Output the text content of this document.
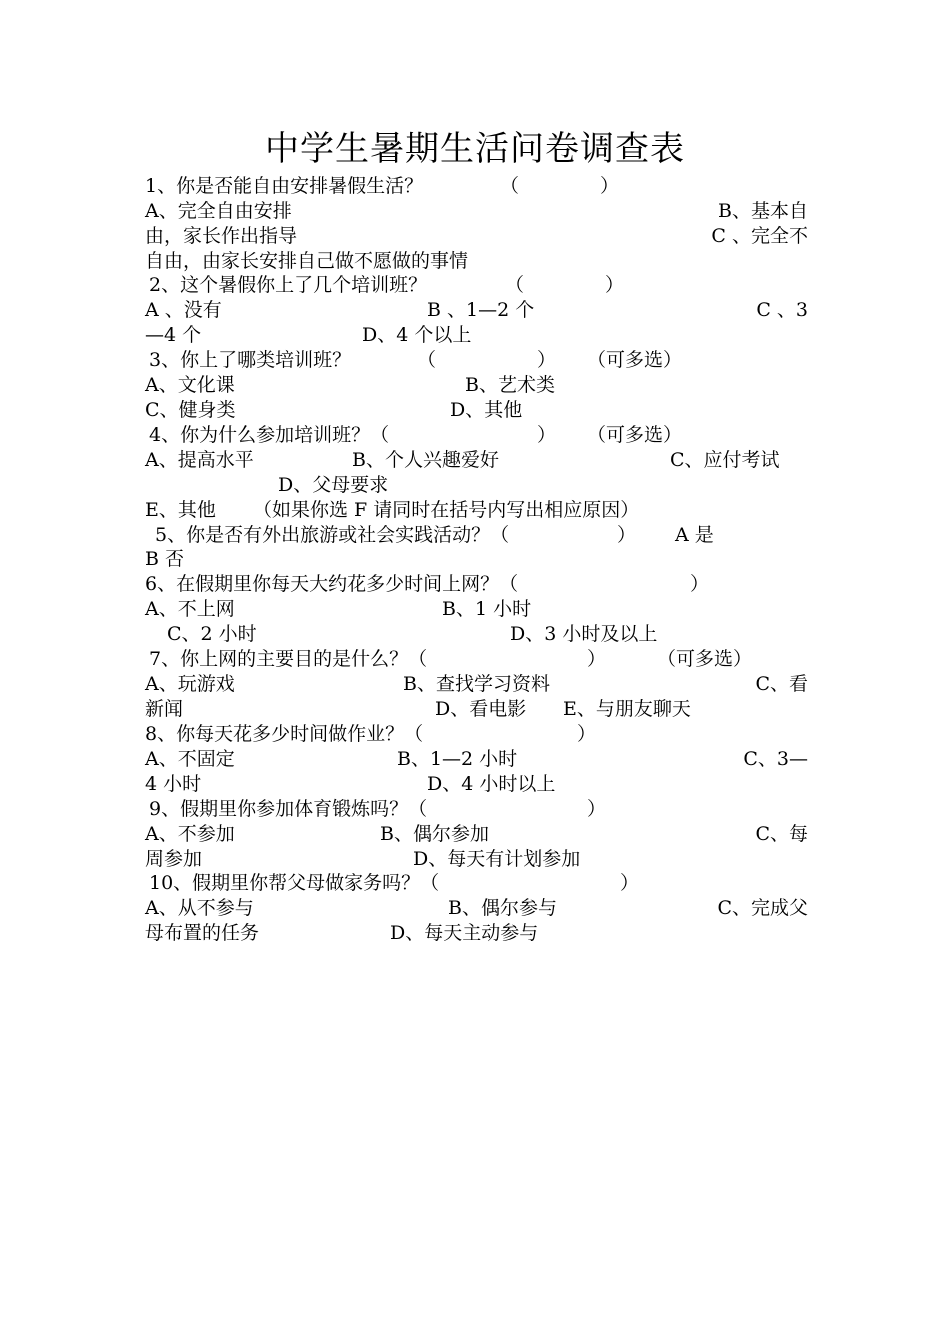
中学生暑期生活问卷调查表
1、你是否能自由安排暑假生活？	（	）
A、完全自由安排	B、基本自
由，家长作出指导	C 、完全不
自由，由家长安排自己做不愿做的事情
2、这个暑假你上了几个培训班？	（	）
A 、没有	B 、1—2 个	C 、3
—4 个	D、4 个以上
3、你上了哪类培训班？	（	） （可多选）
A、文化课	B、艺术类
C、健身类	D、其他
4、你为什么参加培训班？（	） （可多选）
A、提高水平	B、个人兴趣爱好	C、应付考试
D、父母要求
E、其他 （如果你选 F 请同时在括号内写出相应原因）
5、你是否有外出旅游或社会实践活动？（	） A 是
B 否
6、在假期里你每天大约花多少时间上网？（	）
A、不上网	B、1 小时
C、2 小时	D、3 小时及以上
7、你上网的主要目的是什么？（	）	（可多选）
A、玩游戏	B、查找学习资料	C、看
新闻	D、看电影 E、与朋友聊天
8、你每天花多少时间做作业？（	）
A、不固定	B、1—2 小时	C、3—
4 小时	D、4 小时以上
9、假期里你参加体育锻炼吗？（	）
A、不参加	B、偶尔参加	C、每
周参加	D、每天有计划参加
10、假期里你帮父母做家务吗？（	）
A、从不参与	B、偶尔参与	C、完成父
母布置的任务	D、每天主动参与
